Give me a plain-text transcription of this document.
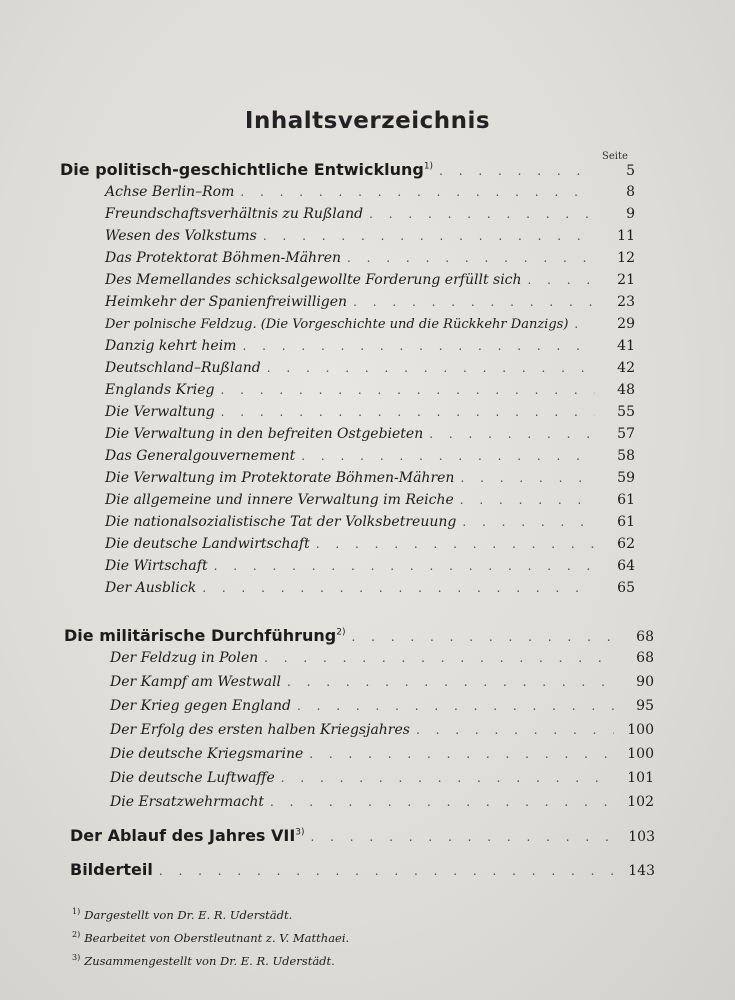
Inhaltsverzeichnis
Seite
Die politisch-geschichtliche Entwicklung$^{1)}$ . . .	5
Achse Berlin–Rom . . .	8
Freundschaftsverhältnis zu Rußland . . .	9
Wesen des Volkstums . . .	11
Das Protektorat Böhmen-Mähren . . .	12
Des Memellandes schicksalgewollte Forderung erfüllt sich . . .	21
Heimkehr der Spanienfreiwilligen . . .	23
Der polnische Feldzug. (Die Vorgeschichte und die Rückkehr Danzigs) . . .	29
Danzig kehrt heim . . .	41
Deutschland–Rußland . . .	42
Englands Krieg . . .	48
Die Verwaltung . . .	55
Die Verwaltung in den befreiten Ostgebieten . . .	57
Das Generalgouvernement . . .	58
Die Verwaltung im Protektorate Böhmen-Mähren . . .	59
Die allgemeine und innere Verwaltung im Reiche . . .	61
Die nationalsozialistische Tat der Volksbetreuung . . .	61
Die deutsche Landwirtschaft . . .	62
Die Wirtschaft . . .	64
Der Ausblick . . .	65
Die militärische Durchführung$^{2)}$ . . .	68
Der Feldzug in Polen . . .	68
Der Kampf am Westwall . . .	90
Der Krieg gegen England . . .	95
Der Erfolg des ersten halben Kriegsjahres . . .	100
Die deutsche Kriegsmarine . . .	100
Die deutsche Luftwaffe . . .	101
Die Ersatzwehrmacht . . .	102
Der Ablauf des Jahres VII$^{3)}$ . . .	103
Bilderteil . . .	143
$^{1)}$ Dargestellt von Dr. E. R. Uderstädt.
$^{2)}$ Bearbeitet von Oberstleutnant z. V. Matthaei.
$^{3)}$ Zusammengestellt von Dr. E. R. Uderstädt.
